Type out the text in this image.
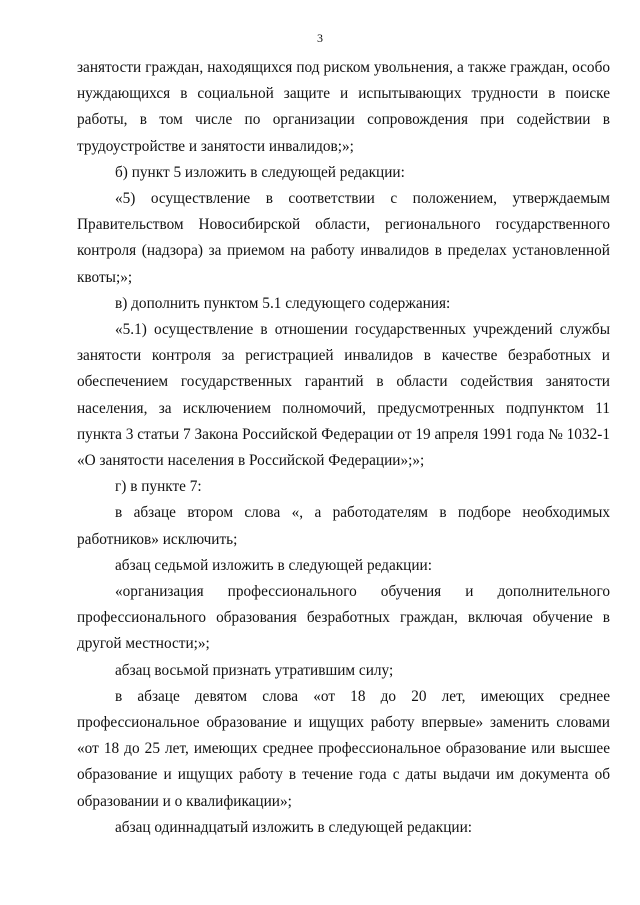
3

занятости граждан, находящихся под риском увольнения, а также граждан, особо нуждающихся в социальной защите и испытывающих трудности в поиске работы, в том числе по организации сопровождения при содействии в трудоустройстве и занятости инвалидов;»;

б) пункт 5 изложить в следующей редакции:

«5) осуществление в соответствии с положением, утверждаемым Правительством Новосибирской области, регионального государственного контроля (надзора) за приемом на работу инвалидов в пределах установленной квоты;»;

в) дополнить пунктом 5.1 следующего содержания:

«5.1) осуществление в отношении государственных учреждений службы занятости контроля за регистрацией инвалидов в качестве безработных и обеспечением государственных гарантий в области содействия занятости населения, за исключением полномочий, предусмотренных подпунктом 11 пункта 3 статьи 7 Закона Российской Федерации от 19 апреля 1991 года № 1032-1 «О занятости населения в Российской Федерации»;»;

г) в пункте 7:

в абзаце втором слова «, а работодателям в подборе необходимых работников» исключить;

абзац седьмой изложить в следующей редакции:

«организация профессионального обучения и дополнительного профессионального образования безработных граждан, включая обучение в другой местности;»;

абзац восьмой признать утратившим силу;

в абзаце девятом слова «от 18 до 20 лет, имеющих среднее профессиональное образование и ищущих работу впервые» заменить словами «от 18 до 25 лет, имеющих среднее профессиональное образование или высшее образование и ищущих работу в течение года с даты выдачи им документа об образовании и о квалификации»;

абзац одиннадцатый изложить в следующей редакции:
